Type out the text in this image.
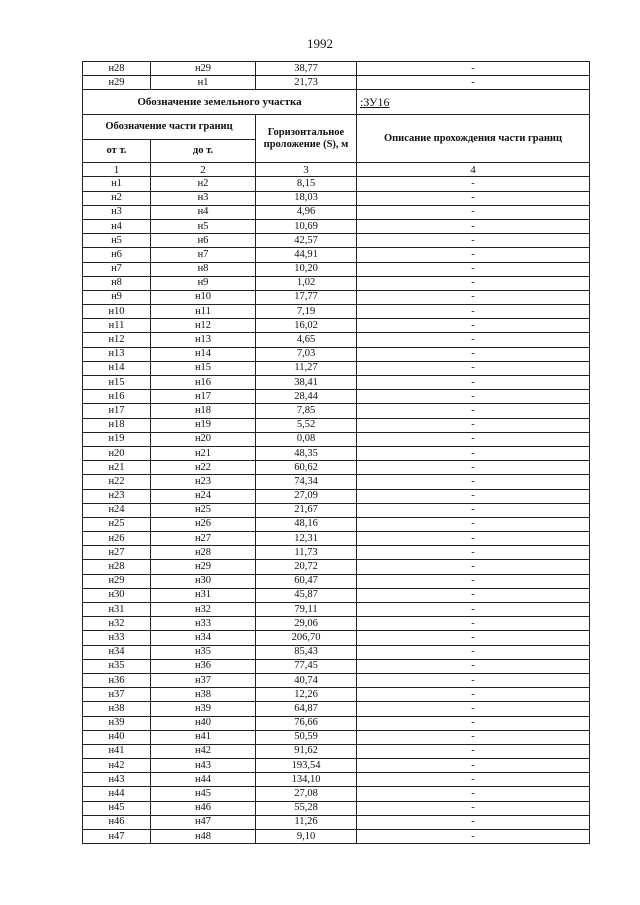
1992
н28	н29	38,77	-
н29	н1	21,73	-
Обозначение земельного участка			:ЗУ16
Обозначение части границ		Горизонтальное проложение (S), м	Описание прохождения части границ
от т.	до т.		
1	2	3	4
н1	н2	8,15	-
н2	н3	18,03	-
н3	н4	4,96	-
н4	н5	10,69	-
н5	н6	42,57	-
н6	н7	44,91	-
н7	н8	10,20	-
н8	н9	1,02	-
н9	н10	17,77	-
н10	н11	7,19	-
н11	н12	16,02	-
н12	н13	4,65	-
н13	н14	7,03	-
н14	н15	11,27	-
н15	н16	38,41	-
н16	н17	28,44	-
н17	н18	7,85	-
н18	н19	5,52	-
н19	н20	0,08	-
н20	н21	48,35	-
н21	н22	60,62	-
н22	н23	74,34	-
н23	н24	27,09	-
н24	н25	21,67	-
н25	н26	48,16	-
н26	н27	12,31	-
н27	н28	11,73	-
н28	н29	20,72	-
н29	н30	60,47	-
н30	н31	45,87	-
н31	н32	79,11	-
н32	н33	29,06	-
н33	н34	206,70	-
н34	н35	85,43	-
н35	н36	77,45	-
н36	н37	40,74	-
н37	н38	12,26	-
н38	н39	64,87	-
н39	н40	76,66	-
н40	н41	50,59	-
н41	н42	91,62	-
н42	н43	193,54	-
н43	н44	134,10	-
н44	н45	27,08	-
н45	н46	55,28	-
н46	н47	11,26	-
н47	н48	9,10	-
